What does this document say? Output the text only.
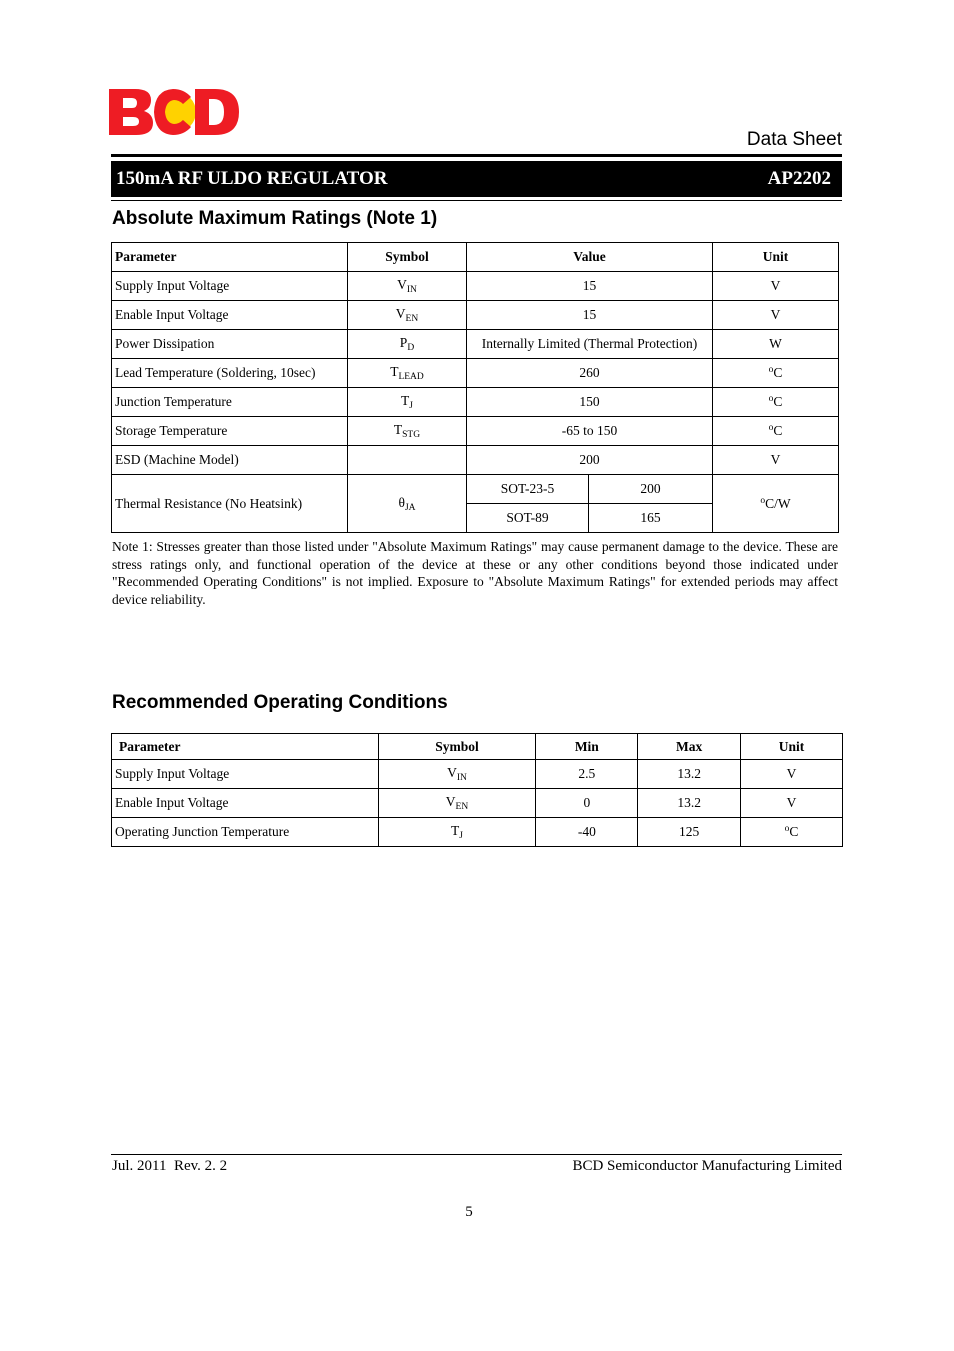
Data Sheet
150mA RF ULDO REGULATOR	AP2202
Absolute Maximum Ratings (Note 1)
Parameter	Symbol	Value		Unit
Supply Input Voltage	$V_{IN}$	15		V
Enable Input Voltage	$V_{EN}$	15		V
Power Dissipation	$P_D$	Internally Limited (Thermal Protection)		W
Lead Temperature (Soldering, 10sec)	$T_{LEAD}$	260		$^o$C
Junction Temperature	$T_J$	150		$^o$C
Storage Temperature	$T_{STG}$	-65 to 150		$^o$C
ESD (Machine Model)		200		V
Thermal Resistance (No Heatsink)	$\theta_{JA}$	SOT-23-5	200	$^o$C/W
		SOT-89	165	
Note 1: Stresses greater than those listed under "Absolute Maximum Ratings" may cause permanent damage to the device. These are stress ratings only, and functional operation of the device at these or any other conditions beyond those indicated under "Recommended Operating Conditions" is not implied. Exposure to "Absolute Maximum Ratings" for extended periods may affect device reliability.
Recommended Operating Conditions
Parameter	Symbol	Min	Max	Unit
Supply Input Voltage	$V_{IN}$	2.5	13.2	V
Enable Input Voltage	$V_{EN}$	0	13.2	V
Operating Junction Temperature	$T_J$	-40	125	$^o$C
Jul. 2011  Rev. 2. 2	BCD Semiconductor Manufacturing Limited
5
